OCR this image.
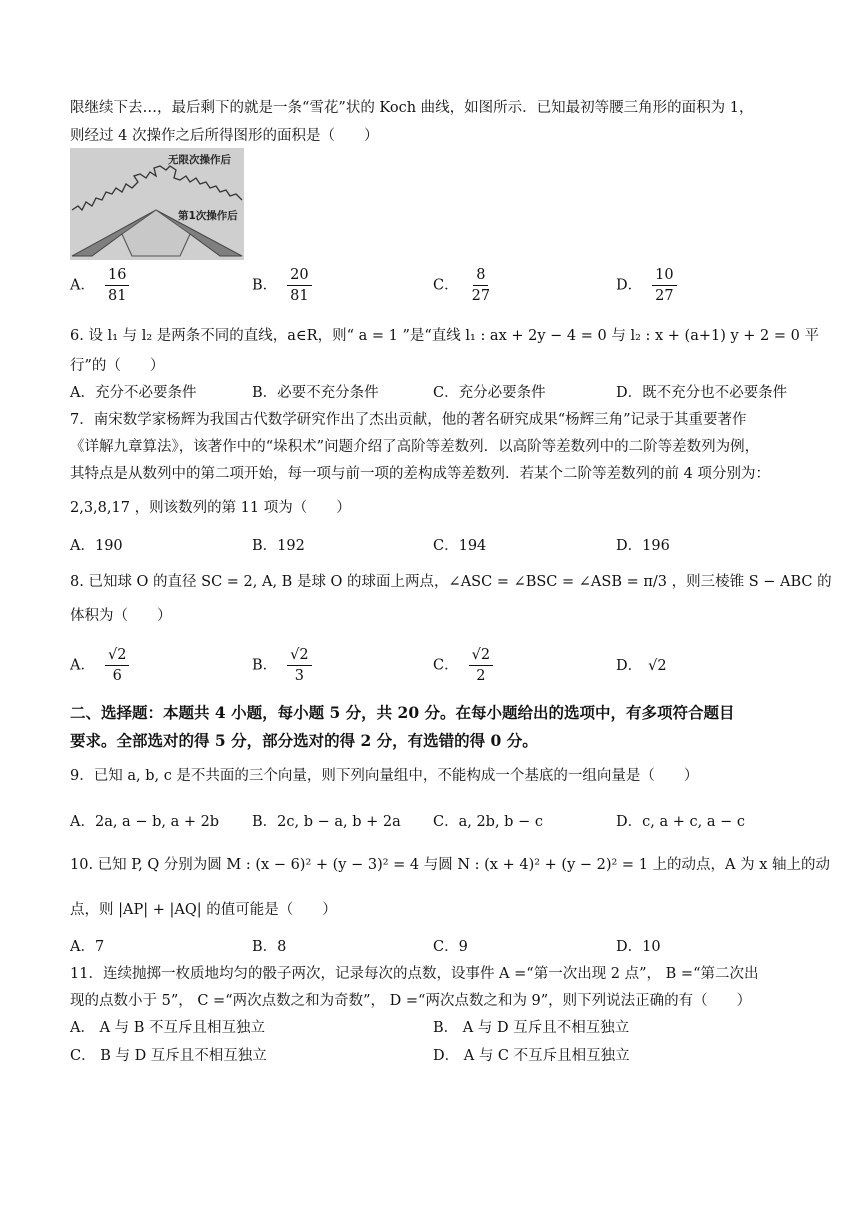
限继续下去…，最后剩下的就是一条“雪花”状的 Koch 曲线，如图所示．已知最初等腰三角形的面积为 1，
则经过 4 次操作之后所得图形的面积是（　　）
无限次操作后
第1次操作后
A． $\frac{16}{81}$	B． $\frac{20}{81}$	C． $\frac{8}{27}$	D． $\frac{10}{27}$
6. 设 l₁ 与 l₂ 是两条不同的直线，a∈R，则“ a = 1 ”是“直线 l₁ : ax + 2y − 4 = 0 与 l₂ : x + (a+1) y + 2 = 0 平
行”的（　　）
A．充分不必要条件	B．必要不充分条件	C．充分必要条件	D．既不充分也不必要条件
7．南宋数学家杨辉为我国古代数学研究作出了杰出贡献，他的著名研究成果“杨辉三角”记录于其重要著作
《详解九章算法》，该著作中的“垛积术”问题介绍了高阶等差数列．以高阶等差数列中的二阶等差数列为例，
其特点是从数列中的第二项开始，每一项与前一项的差构成等差数列．若某个二阶等差数列的前 4 项分别为：
2,3,8,17 ，则该数列的第 11 项为（　　）
A．190	B．192	C．194	D．196
8. 已知球 O 的直径 SC = 2, A, B 是球 O 的球面上两点，∠ASC = ∠BSC = ∠ASB = π/3 ，则三棱锥 S − ABC 的
体积为（　　）
A． $\frac{√2}{6}$	B． $\frac{√2}{3}$	C． $\frac{√2}{2}$	D． √2
二、选择题：本题共 4 小题，每小题 5 分，共 20 分。在每小题给出的选项中，有多项符合题目
要求。全部选对的得 5 分，部分选对的得 2 分，有选错的得 0 分。
9．已知 a, b, c 是不共面的三个向量，则下列向量组中，不能构成一个基底的一组向量是（　　）
A．2a, a − b, a + 2b B．2c, b − a, b + 2a C．a, 2b, b − c	D．c, a + c, a − c
10. 已知 P, Q 分别为圆 M : (x − 6)² + (y − 3)² = 4 与圆 N : (x + 4)² + (y − 2)² = 1 上的动点，A 为 x 轴上的动
点，则 |AP| + |AQ| 的值可能是（　　）
A．7	B．8	C．9	D．10
11．连续抛掷一枚质地均匀的骰子两次，记录每次的点数，设事件 A =“第一次出现 2 点”， B =“第二次出
现的点数小于 5”， C =“两次点数之和为奇数”， D =“两次点数之和为 9”，则下列说法正确的有（　　）
A． A 与 B 不互斥且相互独立	B． A 与 D 互斥且不相互独立
C． B 与 D 互斥且不相互独立	D． A 与 C 不互斥且相互独立
